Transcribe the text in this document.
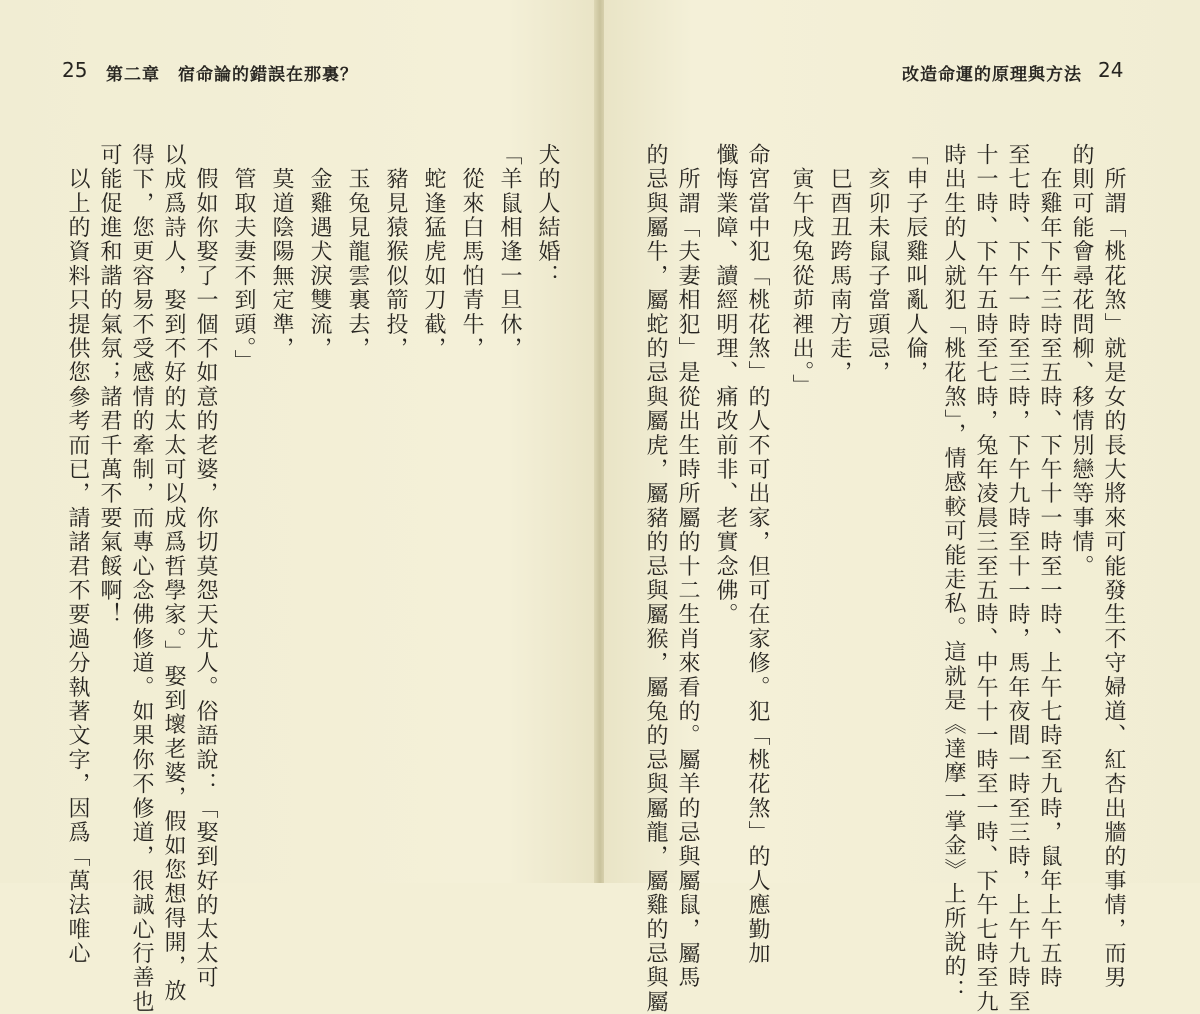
25 第二章　宿命論的錯誤在那裏？
犬的人結婚：
「羊鼠相逢一旦休，
　從來白馬怕青牛，
　蛇逢猛虎如刀截，
　豬見猿猴似箭投，
　玉兔見龍雲裏去，
　金雞遇犬淚雙流，
　莫道陰陽無定準，
　管取夫妻不到頭。」
　假如你娶了一個不如意的老婆，你切莫怨天尤人。俗語說：「娶到好的太太可
以成爲詩人，娶到不好的太太可以成爲哲學家。」娶到壞老婆，假如您想得開，放
得下，您更容易不受感情的牽制，而專心念佛修道。如果你不修道，很誠心行善也
可能促進和諧的氣氛；諸君千萬不要氣餒啊！
　以上的資料只提供您參考而已，請諸君不要過分執著文字，因爲「萬法唯心
改造命運的原理與方法 24
　所謂「桃花煞」就是女的長大將來可能發生不守婦道、紅杏出牆的事情，而男
的則可能會尋花問柳、移情別戀等事情。
　在雞年下午三時至五時、下午十一時至一時、上午七時至九時，鼠年上午五時
至七時、下午一時至三時，下午九時至十一時，馬年夜間一時至三時，上午九時至
十一時、下午五時至七時，兔年凌晨三至五時、中午十一時至一時、下午七時至九
時出生的人就犯「桃花煞」，情感較可能走私。這就是《達摩一掌金》上所說的：
「申子辰雞叫亂人倫，
　亥卯未鼠子當頭忌，
　巳酉丑跨馬南方走，
　寅午戌兔從茆裡出。」
命宮當中犯「桃花煞」的人不可出家，但可在家修。犯「桃花煞」的人應勤加
懺悔業障、讀經明理、痛改前非、老實念佛。
　所謂「夫妻相犯」是從出生時所屬的十二生肖來看的。屬羊的忌與屬鼠，屬馬
的忌與屬牛，屬蛇的忌與屬虎，屬豬的忌與屬猴，屬兔的忌與屬龍，屬雞的忌與屬
